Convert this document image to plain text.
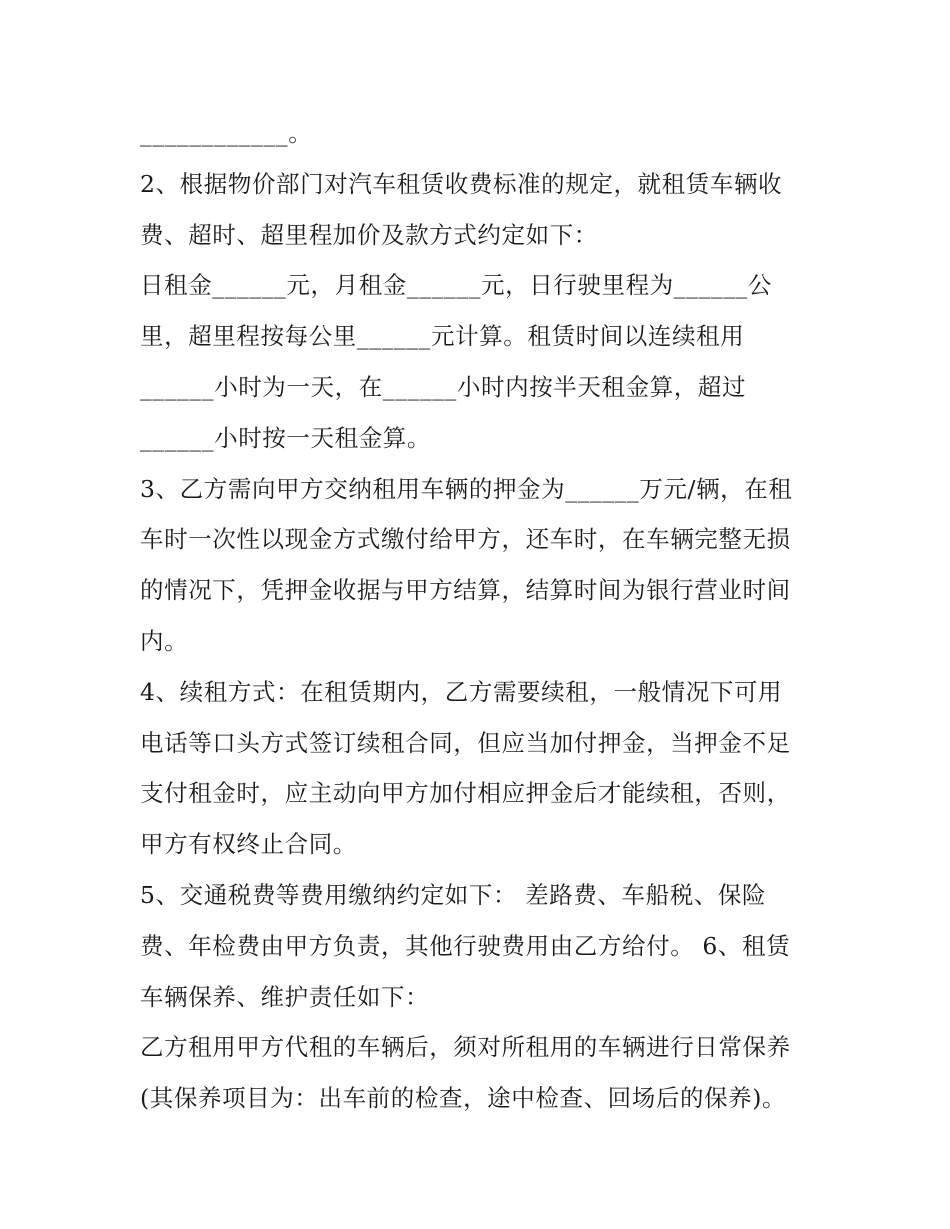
____________。
2、根据物价部门对汽车租赁收费标准的规定，就租赁车辆收
费、超时、超里程加价及款方式约定如下：
日租金______元，月租金______元，日行驶里程为______公
里，超里程按每公里______元计算。租赁时间以连续租用
______小时为一天，在______小时内按半天租金算，超过
______小时按一天租金算。
3、乙方需向甲方交纳租用车辆的押金为______万元/辆，在租
车时一次性以现金方式缴付给甲方，还车时，在车辆完整无损
的情况下，凭押金收据与甲方结算，结算时间为银行营业时间
内。
4、续租方式：在租赁期内，乙方需要续租，一般情况下可用
电话等口头方式签订续租合同，但应当加付押金，当押金不足
支付租金时，应主动向甲方加付相应押金后才能续租，否则，
甲方有权终止合同。
5、交通税费等费用缴纳约定如下： 差路费、车船税、保险
费、年检费由甲方负责，其他行驶费用由乙方给付。 6、租赁
车辆保养、维护责任如下：
乙方租用甲方代租的车辆后，须对所租用的车辆进行日常保养
(其保养项目为：出车前的检查，途中检查、回场后的保养)。
